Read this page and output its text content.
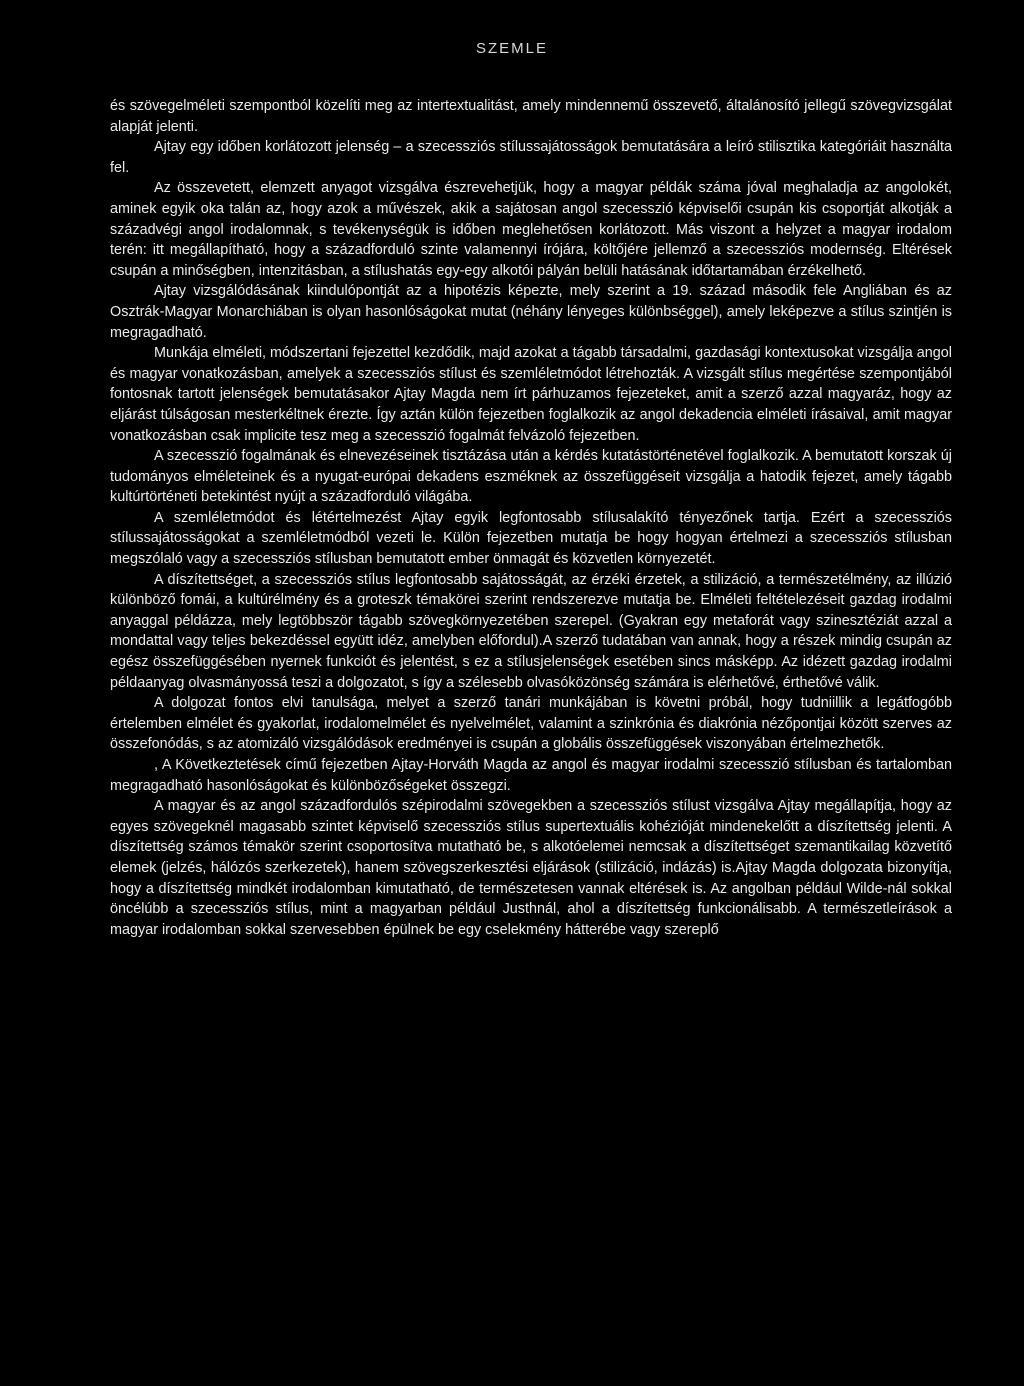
SZEMLE

és szövegelméleti szempontból közelíti meg az intertextualitást, amely mindennemű összevető, általánosító jellegű szövegvizsgálat alapját jelenti.

Ajtay egy időben korlátozott jelenség – a szecessziós stílussajátosságok bemutatására a leíró stilisztika kategóriáit használta fel.

Az összevetett, elemzett anyagot vizsgálva észrevehetjük, hogy a magyar példák száma jóval meghaladja az angolokét, aminek egyik oka talán az, hogy azok a művészek, akik a sajátosan angol szecesszió képviselői csupán kis csoportját alkotják a századvégi angol irodalomnak, s tevékenységük is időben meglehetősen korlátozott. Más viszont a helyzet a magyar irodalom terén: itt megállapítható, hogy a századforduló szinte valamennyi írójára, költőjére jellemző a szecessziós modernség. Eltérések csupán a minőségben, intenzitásban, a stílushatás egy-egy alkotói pályán belüli hatásának időtartamában érzékelhető.

Ajtay vizsgálódásának kiindulópontját az a hipotézis képezte, mely szerint a 19. század második fele Angliában és az Osztrák-Magyar Monarchiában is olyan hasonlóságokat mutat (néhány lényeges különbséggel), amely leképezve a stílus szintjén is megragadható.

Munkája elméleti, módszertani fejezettel kezdődik, majd azokat a tágabb társadalmi, gazdasági kontextusokat vizsgálja angol és magyar vonatkozásban, amelyek a szecessziós stílust és szemléletmódot létrehozták. A vizsgált stílus megértése szempontjából fontosnak tartott jelenségek bemutatásakor Ajtay Magda nem írt párhuzamos fejezeteket, amit a szerző azzal magyaráz, hogy az eljárást túlságosan mesterkéltnek érezte. Így aztán külön fejezetben foglalkozik az angol dekadencia elméleti írásaival, amit magyar vonatkozásban csak implicite tesz meg a szecesszió fogalmát felvázoló fejezetben.

A szecesszió fogalmának és elnevezéseinek tisztázása után a kérdés kutatástörténetével foglalkozik. A bemutatott korszak új tudományos elméleteinek és a nyugat-európai dekadens eszméknek az összefüggéseit vizsgálja a hatodik fejezet, amely tágabb kultúrtörténeti betekintést nyújt a századforduló világába.

A szemléletmódot és létértelmezést Ajtay egyik legfontosabb stílusalakító tényezőnek tartja. Ezért a szecessziós stílussajátosságokat a szemléletmódból vezeti le. Külön fejezetben mutatja be hogy hogyan értelmezi a szecessziós stílusban megszólaló vagy a szecessziós stílusban bemutatott ember önmagát és közvetlen környezetét.

A díszítettséget, a szecessziós stílus legfontosabb sajátosságát, az érzéki érzetek, a stilizáció, a természetélmény, az illúzió különböző fomái, a kultúrélmény és a groteszk témakörei szerint rendszerezve mutatja be. Elméleti feltételezéseit gazdag irodalmi anyaggal példázza, mely legtöbbször tágabb szövegkörnyezetében szerepel. (Gyakran egy metaforát vagy szinesztéziát azzal a mondattal vagy teljes bekezdéssel együtt idéz, amelyben előfordul).A szerző tudatában van annak, hogy a részek mindig csupán az egész összefüggésében nyernek funkciót és jelentést, s ez a stílusjelenségek esetében sincs másképp. Az idézett gazdag irodalmi példaanyag olvasmányossá teszi a dolgozatot, s így a szélesebb olvasóközönség számára is elérhetővé, érthetővé válik.

A dolgozat fontos elvi tanulsága, melyet a szerző tanári munkájában is követni próbál, hogy tudniillik a legátfogóbb értelemben elmélet és gyakorlat, irodalomelmélet és nyelvelmélet, valamint a szinkrónia és diakrónia nézőpontjai között szerves az összefonódás, s az atomizáló vizsgálódások eredményei is csupán a globális összefüggések viszonyában értelmezhetők.

, A Következtetések című fejezetben Ajtay-Horváth Magda az angol és magyar irodalmi szecesszió stílusban és tartalomban megragadható hasonlóságokat és különbözőségeket összegzi.

A magyar és az angol századfordulós szépirodalmi szövegekben a szecessziós stílust vizsgálva Ajtay megállapítja, hogy az egyes szövegeknél magasabb szintet képviselő szecessziós stílus supertextuális kohézióját mindenekelőtt a díszítettség jelenti. A díszítettség számos témakör szerint csoportosítva mutatható be, s alkotóelemei nemcsak a díszítettséget szemantikailag közvetítő elemek (jelzés, hálózós szerkezetek), hanem szövegszerkesztési eljárások (stilizáció, indázás) is.Ajtay Magda dolgozata bizonyítja, hogy a díszítettség mindkét irodalomban kimutatható, de természetesen vannak eltérések is. Az angolban például Wilde-nál sokkal öncélúbb a szecessziós stílus, mint a magyarban például Justhnál, ahol a díszítettség funkcionálisabb. A természetleírások a magyar irodalomban sokkal szervesebben épülnek be egy cselekmény hátterébe vagy szereplő
